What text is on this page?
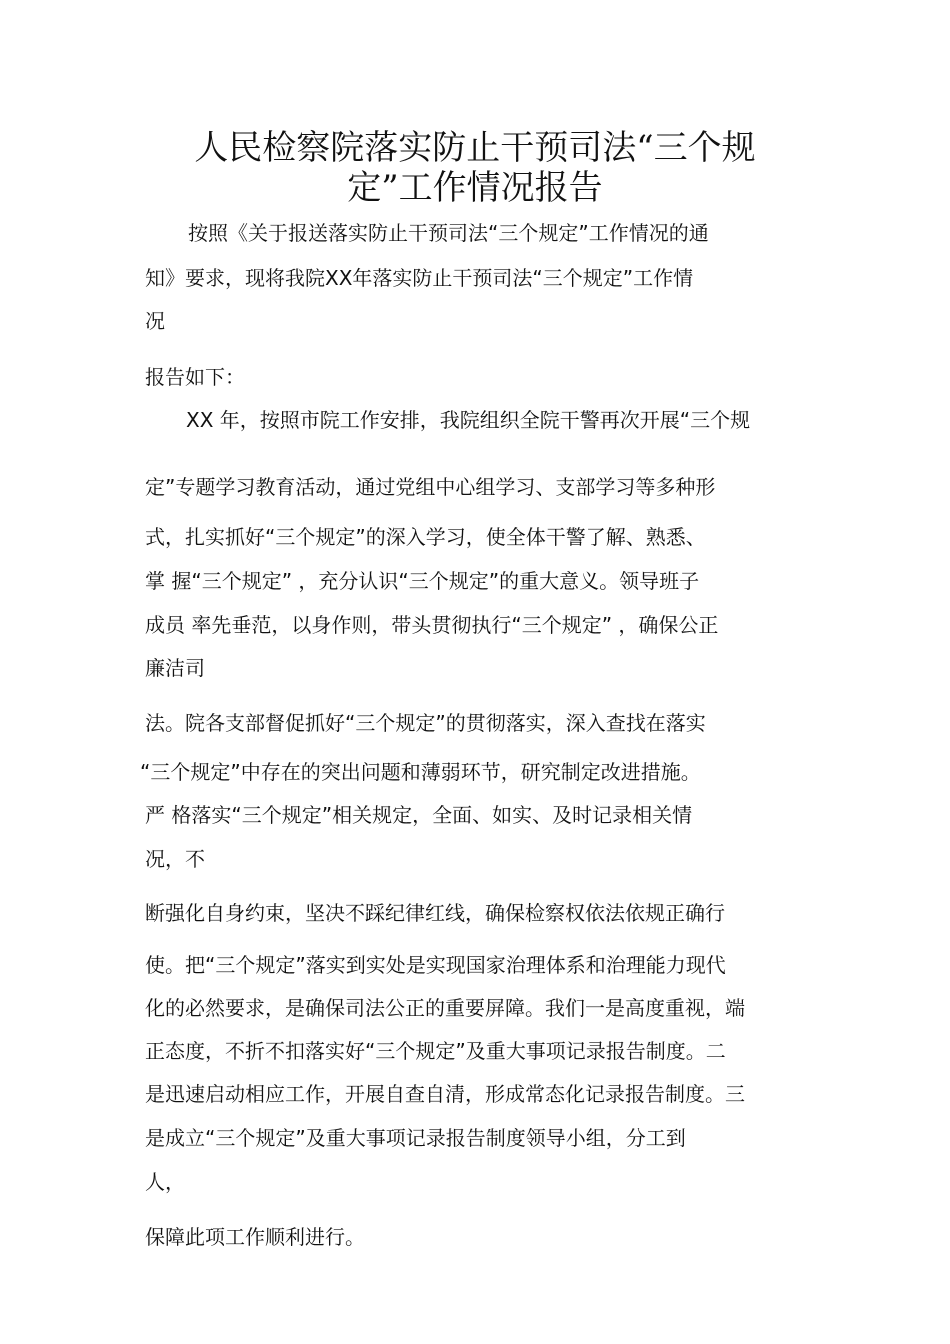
人民检察院落实防止干预司法“三个规
定”工作情况报告
按照《关于报送落实防止干预司法“三个规定”工作情况的通
知》要求，现将我院XX年落实防止干预司法“三个规定”工作情
况
报告如下：
XX 年，按照市院工作安排，我院组织全院干警再次开展“三个规
定”专题学习教育活动，通过党组中心组学习、支部学习等多种形
式，扎实抓好“三个规定”的深入学习，使全体干警了解、熟悉、
掌 握“三个规定” ，充分认识“三个规定”的重大意义。领导班子
成员 率先垂范，以身作则，带头贯彻执行“三个规定” ，确保公正
廉洁司
法。院各支部督促抓好“三个规定”的贯彻落实，深入查找在落实
“三个规定”中存在的突出问题和薄弱环节，研究制定改进措施。
严 格落实“三个规定”相关规定，全面、如实、及时记录相关情
况，不
断强化自身约束，坚决不踩纪律红线，确保检察权依法依规正确行
使。把“三个规定”落实到实处是实现国家治理体系和治理能力现代
化的必然要求，是确保司法公正的重要屏障。我们一是高度重视，端
正态度，不折不扣落实好“三个规定”及重大事项记录报告制度。二
是迅速启动相应工作，开展自查自清，形成常态化记录报告制度。三
是成立“三个规定”及重大事项记录报告制度领导小组，分工到
人，
保障此项工作顺利进行。
